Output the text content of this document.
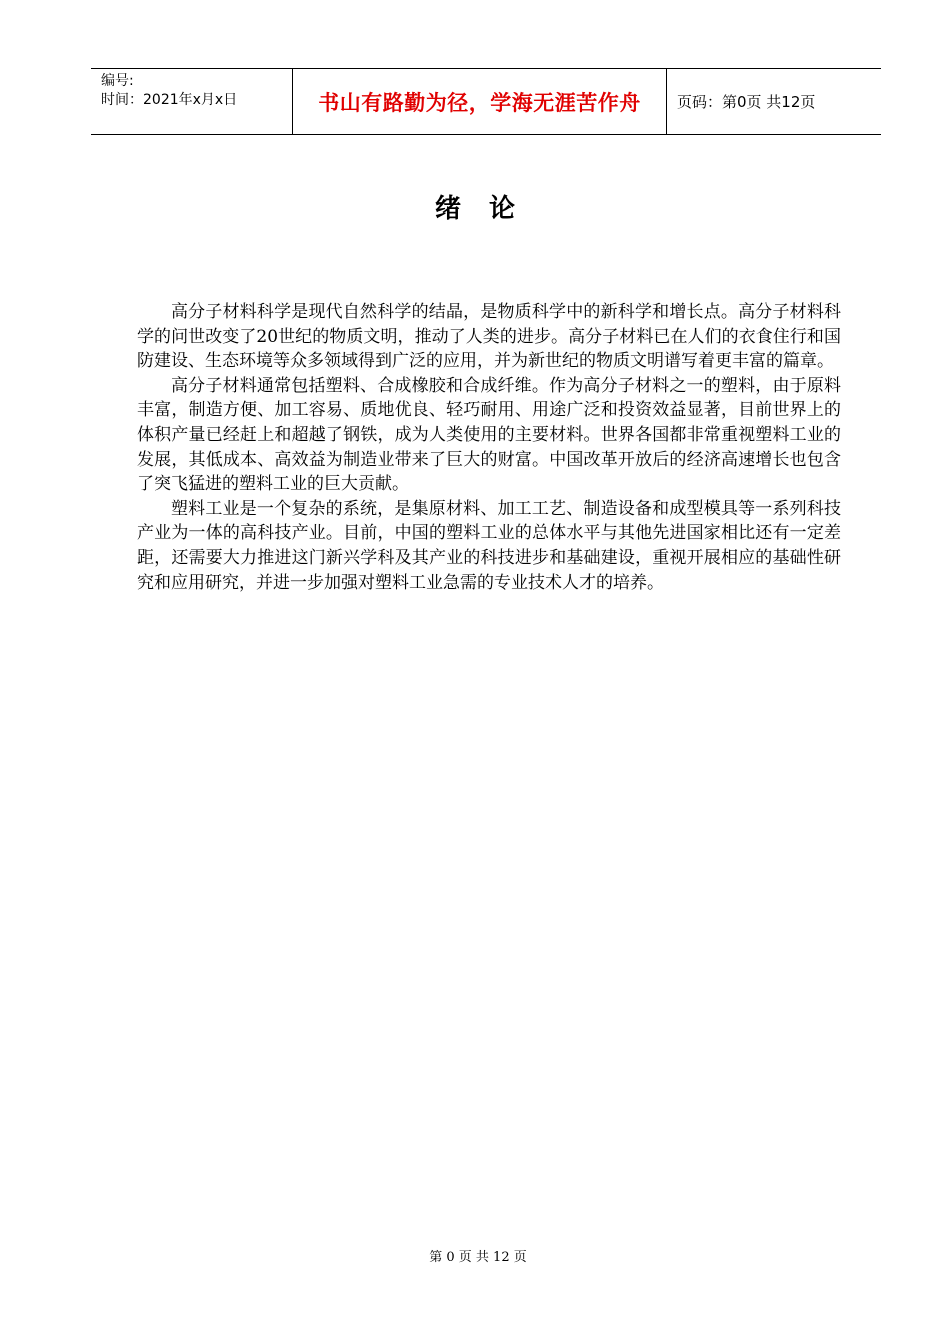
编号:
时间：2021年x月x日	书山有路勤为径，学海无涯苦作舟 页码：第0页 共12页
绪论

高分子材料科学是现代自然科学的结晶，是物质科学中的新科学和增长点。高分子材料科学的问世改变了20世纪的物质文明，推动了人类的进步。高分子材料已在人们的衣食住行和国防建设、生态环境等众多领域得到广泛的应用，并为新世纪的物质文明谱写着更丰富的篇章。

高分子材料通常包括塑料、合成橡胶和合成纤维。作为高分子材料之一的塑料，由于原料丰富，制造方便、加工容易、质地优良、轻巧耐用、用途广泛和投资效益显著，目前世界上的体积产量已经赶上和超越了钢铁，成为人类使用的主要材料。世界各国都非常重视塑料工业的发展，其低成本、高效益为制造业带来了巨大的财富。中国改革开放后的经济高速增长也包含了突飞猛进的塑料工业的巨大贡献。

塑料工业是一个复杂的系统，是集原材料、加工工艺、制造设备和成型模具等一系列科技产业为一体的高科技产业。目前，中国的塑料工业的总体水平与其他先进国家相比还有一定差距，还需要大力推进这门新兴学科及其产业的科技进步和基础建设，重视开展相应的基础性研究和应用研究，并进一步加强对塑料工业急需的专业技术人才的培养。

第 0 页 共 12 页
